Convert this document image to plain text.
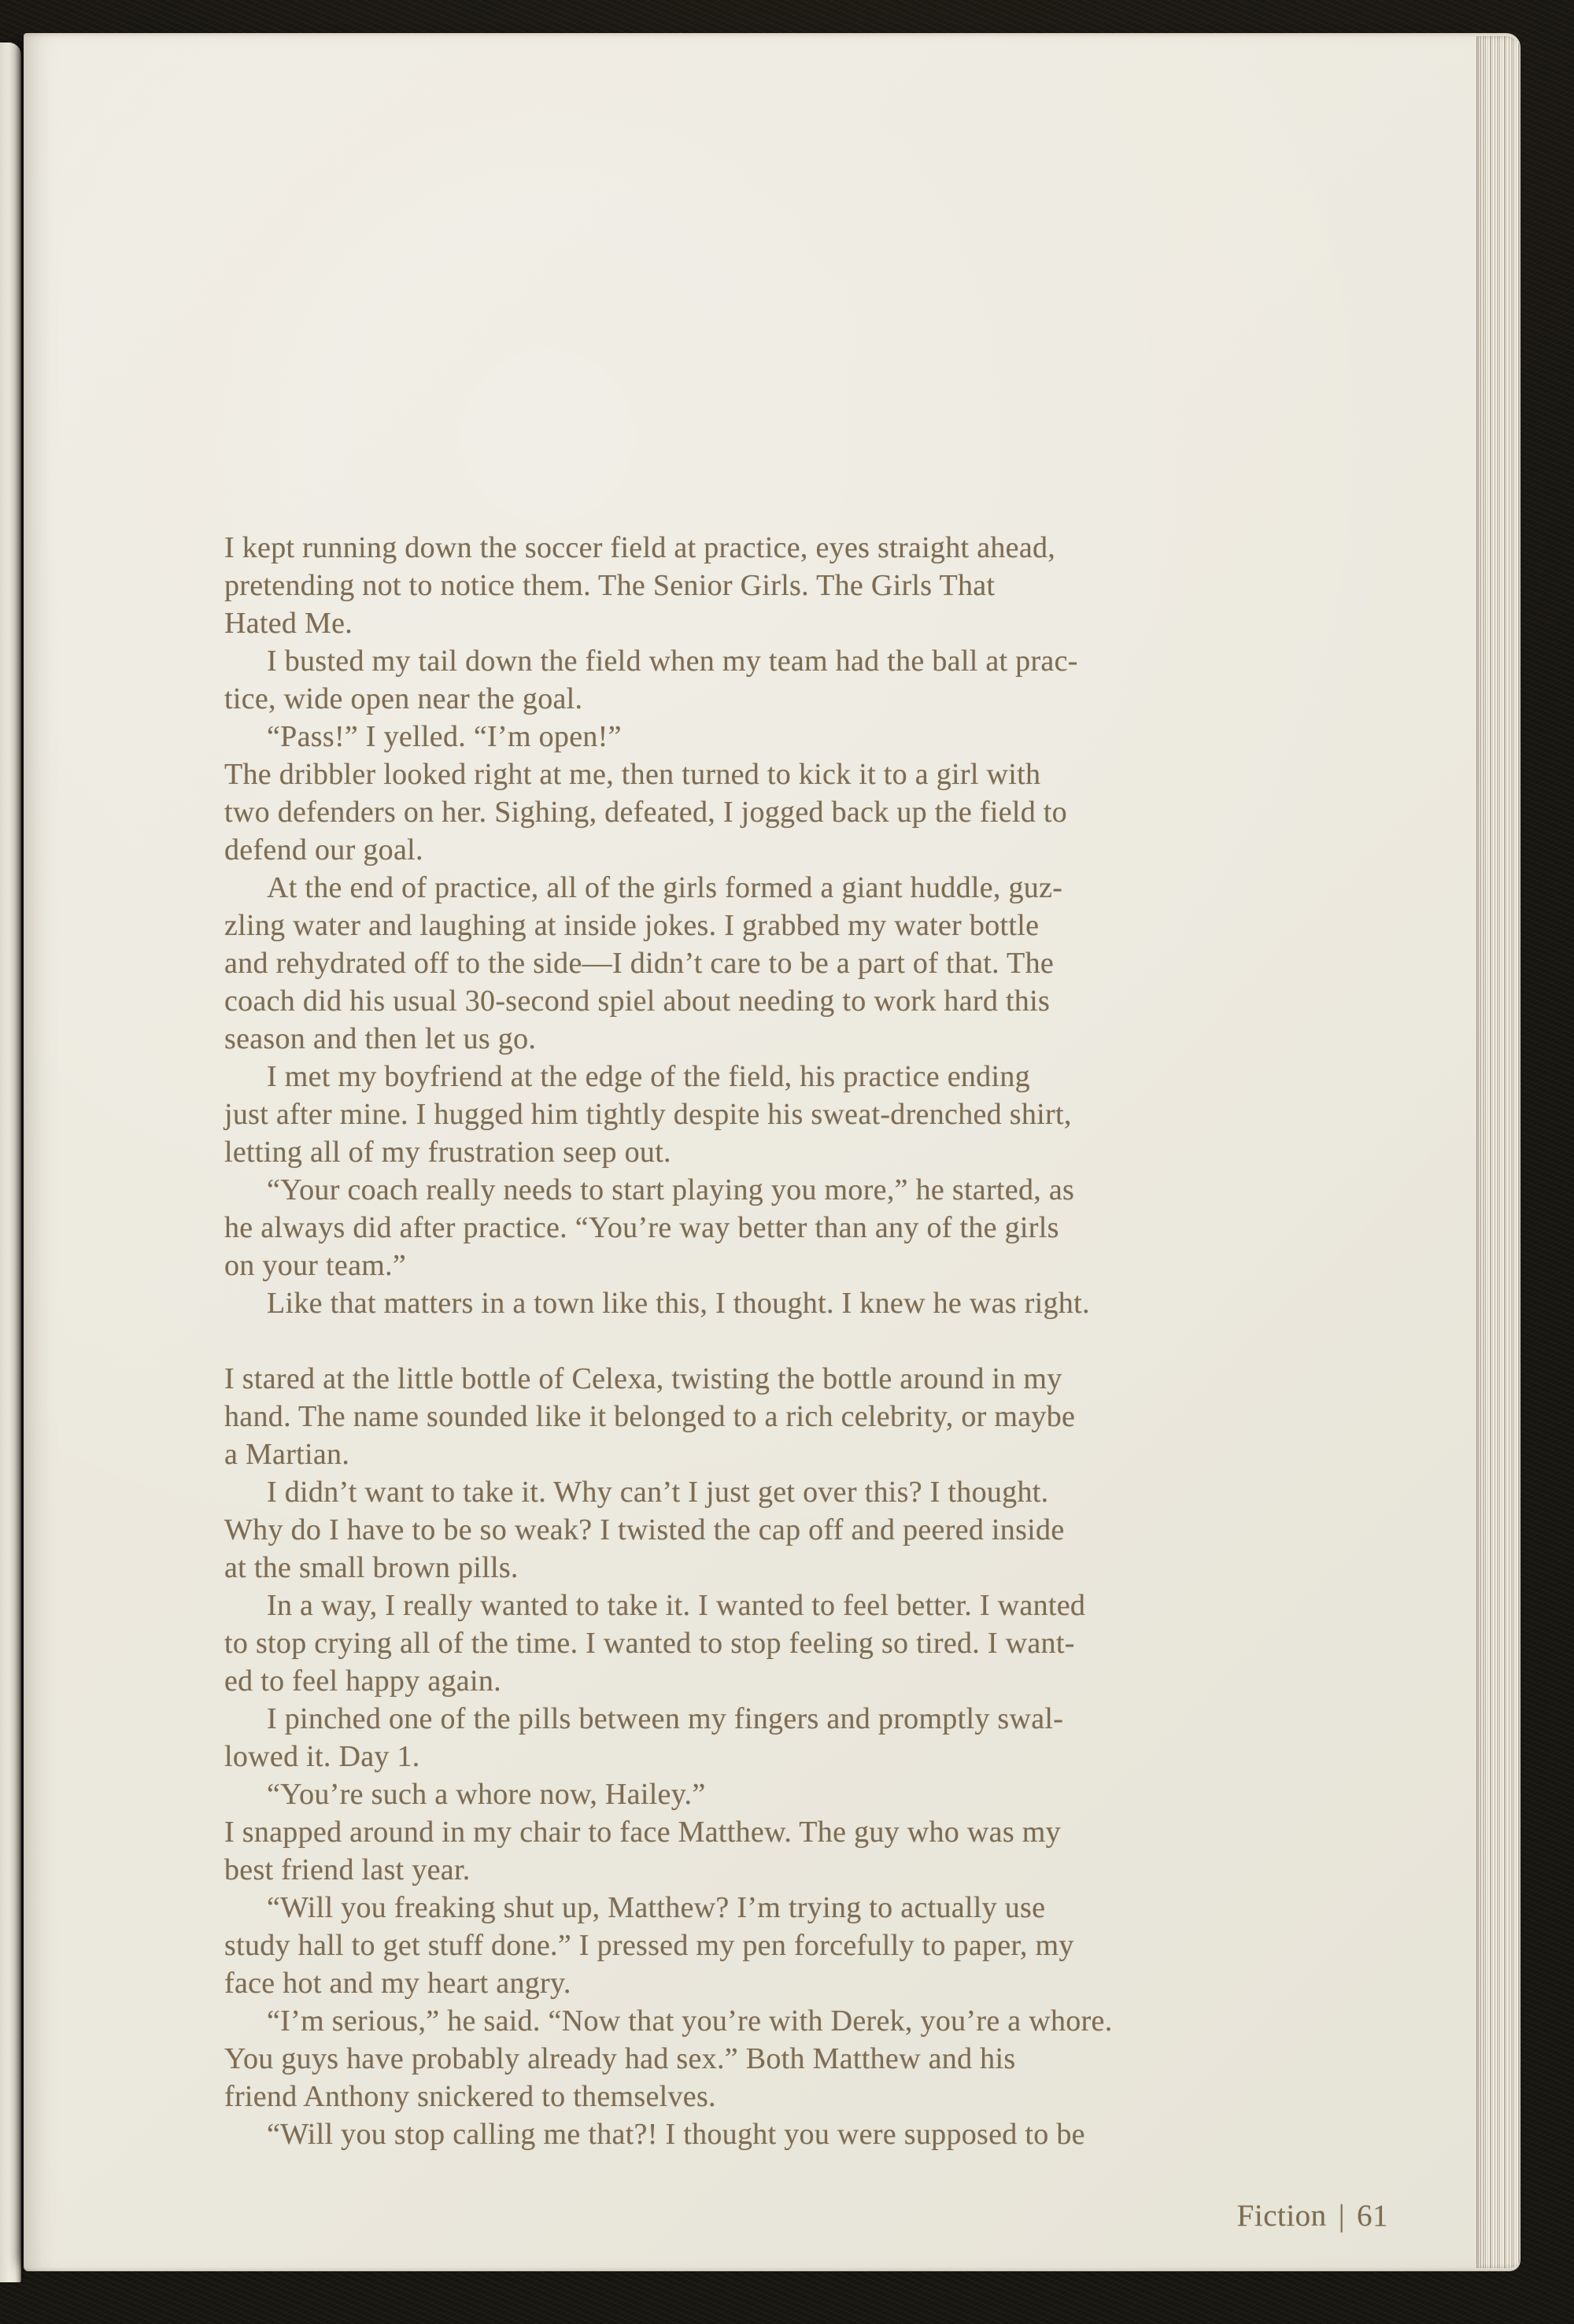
I kept running down the soccer field at practice, eyes straight ahead,
pretending not to notice them. The Senior Girls. The Girls That
Hated Me.
I busted my tail down the field when my team had the ball at prac-
tice, wide open near the goal.
“Pass!” I yelled. “I’m open!”
The dribbler looked right at me, then turned to kick it to a girl with
two defenders on her. Sighing, defeated, I jogged back up the field to
defend our goal.
At the end of practice, all of the girls formed a giant huddle, guz-
zling water and laughing at inside jokes. I grabbed my water bottle
and rehydrated off to the side—I didn’t care to be a part of that. The
coach did his usual 30-second spiel about needing to work hard this
season and then let us go.
I met my boyfriend at the edge of the field, his practice ending
just after mine. I hugged him tightly despite his sweat-drenched shirt,
letting all of my frustration seep out.
“Your coach really needs to start playing you more,” he started, as
he always did after practice. “You’re way better than any of the girls
on your team.”
Like that matters in a town like this, I thought. I knew he was right.
I stared at the little bottle of Celexa, twisting the bottle around in my
hand. The name sounded like it belonged to a rich celebrity, or maybe
a Martian.
I didn’t want to take it. Why can’t I just get over this? I thought.
Why do I have to be so weak? I twisted the cap off and peered inside
at the small brown pills.
In a way, I really wanted to take it. I wanted to feel better. I wanted
to stop crying all of the time. I wanted to stop feeling so tired. I want-
ed to feel happy again.
I pinched one of the pills between my fingers and promptly swal-
lowed it. Day 1.
“You’re such a whore now, Hailey.”
I snapped around in my chair to face Matthew. The guy who was my
best friend last year.
“Will you freaking shut up, Matthew? I’m trying to actually use
study hall to get stuff done.” I pressed my pen forcefully to paper, my
face hot and my heart angry.
“I’m serious,” he said. “Now that you’re with Derek, you’re a whore.
You guys have probably already had sex.” Both Matthew and his
friend Anthony snickered to themselves.
“Will you stop calling me that?! I thought you were supposed to be
Fiction | 61
